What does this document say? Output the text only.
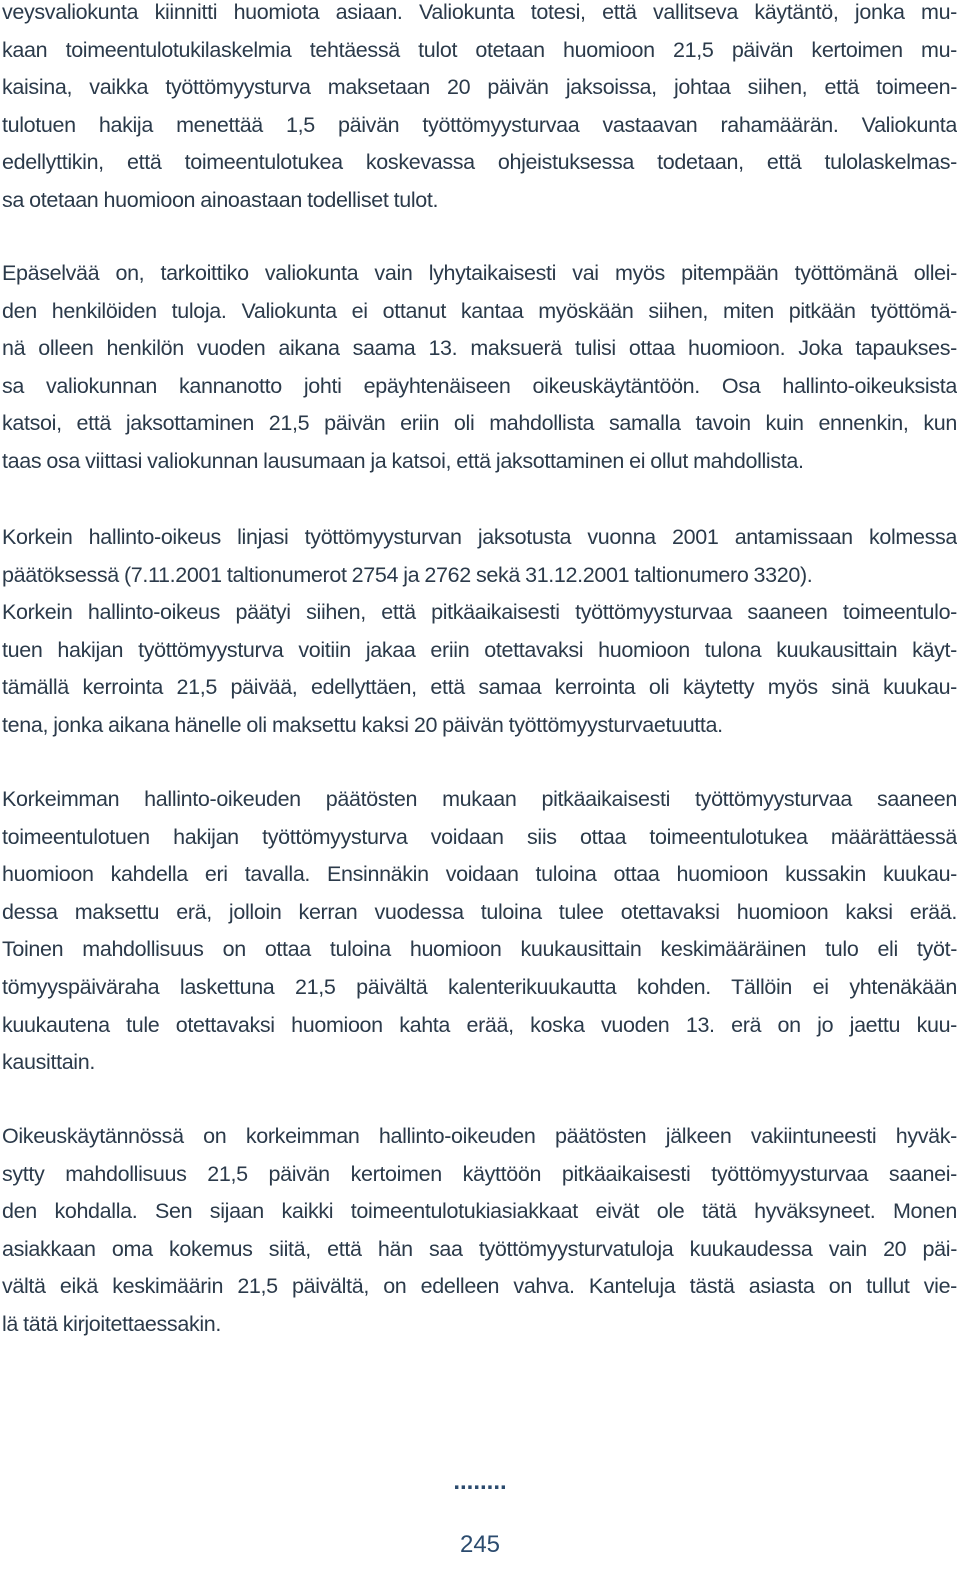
veysvaliokunta kiinnitti huomiota asiaan. Valiokunta totesi, että vallitseva käytäntö, jonka mu-
kaan toimeentulotukilaskelmia tehtäessä tulot otetaan huomioon 21,5 päivän kertoimen mu-
kaisina, vaikka työttömyysturva maksetaan 20 päivän jaksoissa, johtaa siihen, että toimeen-
tulotuen hakija menettää 1,5 päivän työttömyysturvaa vastaavan rahamäärän. Valiokunta
edellyttikin, että toimeentulotukea koskevassa ohjeistuksessa todetaan, että tulolaskelmas-
sa otetaan huomioon ainoastaan todelliset tulot.
Epäselvää on, tarkoittiko valiokunta vain lyhytaikaisesti vai myös pitempään työttömänä ollei-
den henkilöiden tuloja. Valiokunta ei ottanut kantaa myöskään siihen, miten pitkään työttömä-
nä olleen henkilön vuoden aikana saama 13. maksuerä tulisi ottaa huomioon. Joka tapaukses-
sa valiokunnan kannanotto johti epäyhtenäiseen oikeuskäytäntöön. Osa hallinto-oikeuksista
katsoi, että jaksottaminen 21,5 päivän eriin oli mahdollista samalla tavoin kuin ennenkin, kun
taas osa viittasi valiokunnan lausumaan ja katsoi, että jaksottaminen ei ollut mahdollista.
Korkein hallinto-oikeus linjasi työttömyysturvan jaksotusta vuonna 2001 antamissaan kolmessa
päätöksessä (7.11.2001 taltionumerot 2754 ja 2762 sekä 31.12.2001 taltionumero 3320).
Korkein hallinto-oikeus päätyi siihen, että pitkäaikaisesti työttömyysturvaa saaneen toimeentulo-
tuen hakijan työttömyysturva voitiin jakaa eriin otettavaksi huomioon tulona kuukausittain käyt-
tämällä kerrointa 21,5 päivää, edellyttäen, että samaa kerrointa oli käytetty myös sinä kuukau-
tena, jonka aikana hänelle oli maksettu kaksi 20 päivän työttömyysturvaetuutta.
Korkeimman hallinto-oikeuden päätösten mukaan pitkäaikaisesti työttömyysturvaa saaneen
toimeentulotuen hakijan työttömyysturva voidaan siis ottaa toimeentulotukea määrättäessä
huomioon kahdella eri tavalla. Ensinnäkin voidaan tuloina ottaa huomioon kussakin kuukau-
dessa maksettu erä, jolloin kerran vuodessa tuloina tulee otettavaksi huomioon kaksi erää.
Toinen mahdollisuus on ottaa tuloina huomioon kuukausittain keskimääräinen tulo eli työt-
tömyyspäiväraha laskettuna 21,5 päivältä kalenterikuukautta kohden. Tällöin ei yhtenäkään
kuukautena tule otettavaksi huomioon kahta erää, koska vuoden 13. erä on jo jaettu kuu-
kausittain.
Oikeuskäytännössä on korkeimman hallinto-oikeuden päätösten jälkeen vakiintuneesti hyväk-
sytty mahdollisuus 21,5 päivän kertoimen käyttöön pitkäaikaisesti työttömyysturvaa saanei-
den kohdalla. Sen sijaan kaikki toimeentulotukiasiakkaat eivät ole tätä hyväksyneet. Monen
asiakkaan oma kokemus siitä, että hän saa työttömyysturvatuloja kuukaudessa vain 20 päi-
vältä eikä keskimäärin 21,5 päivältä, on edelleen vahva. Kanteluja tästä asiasta on tullut vie-
lä tätä kirjoitettaessakin.
........
245
